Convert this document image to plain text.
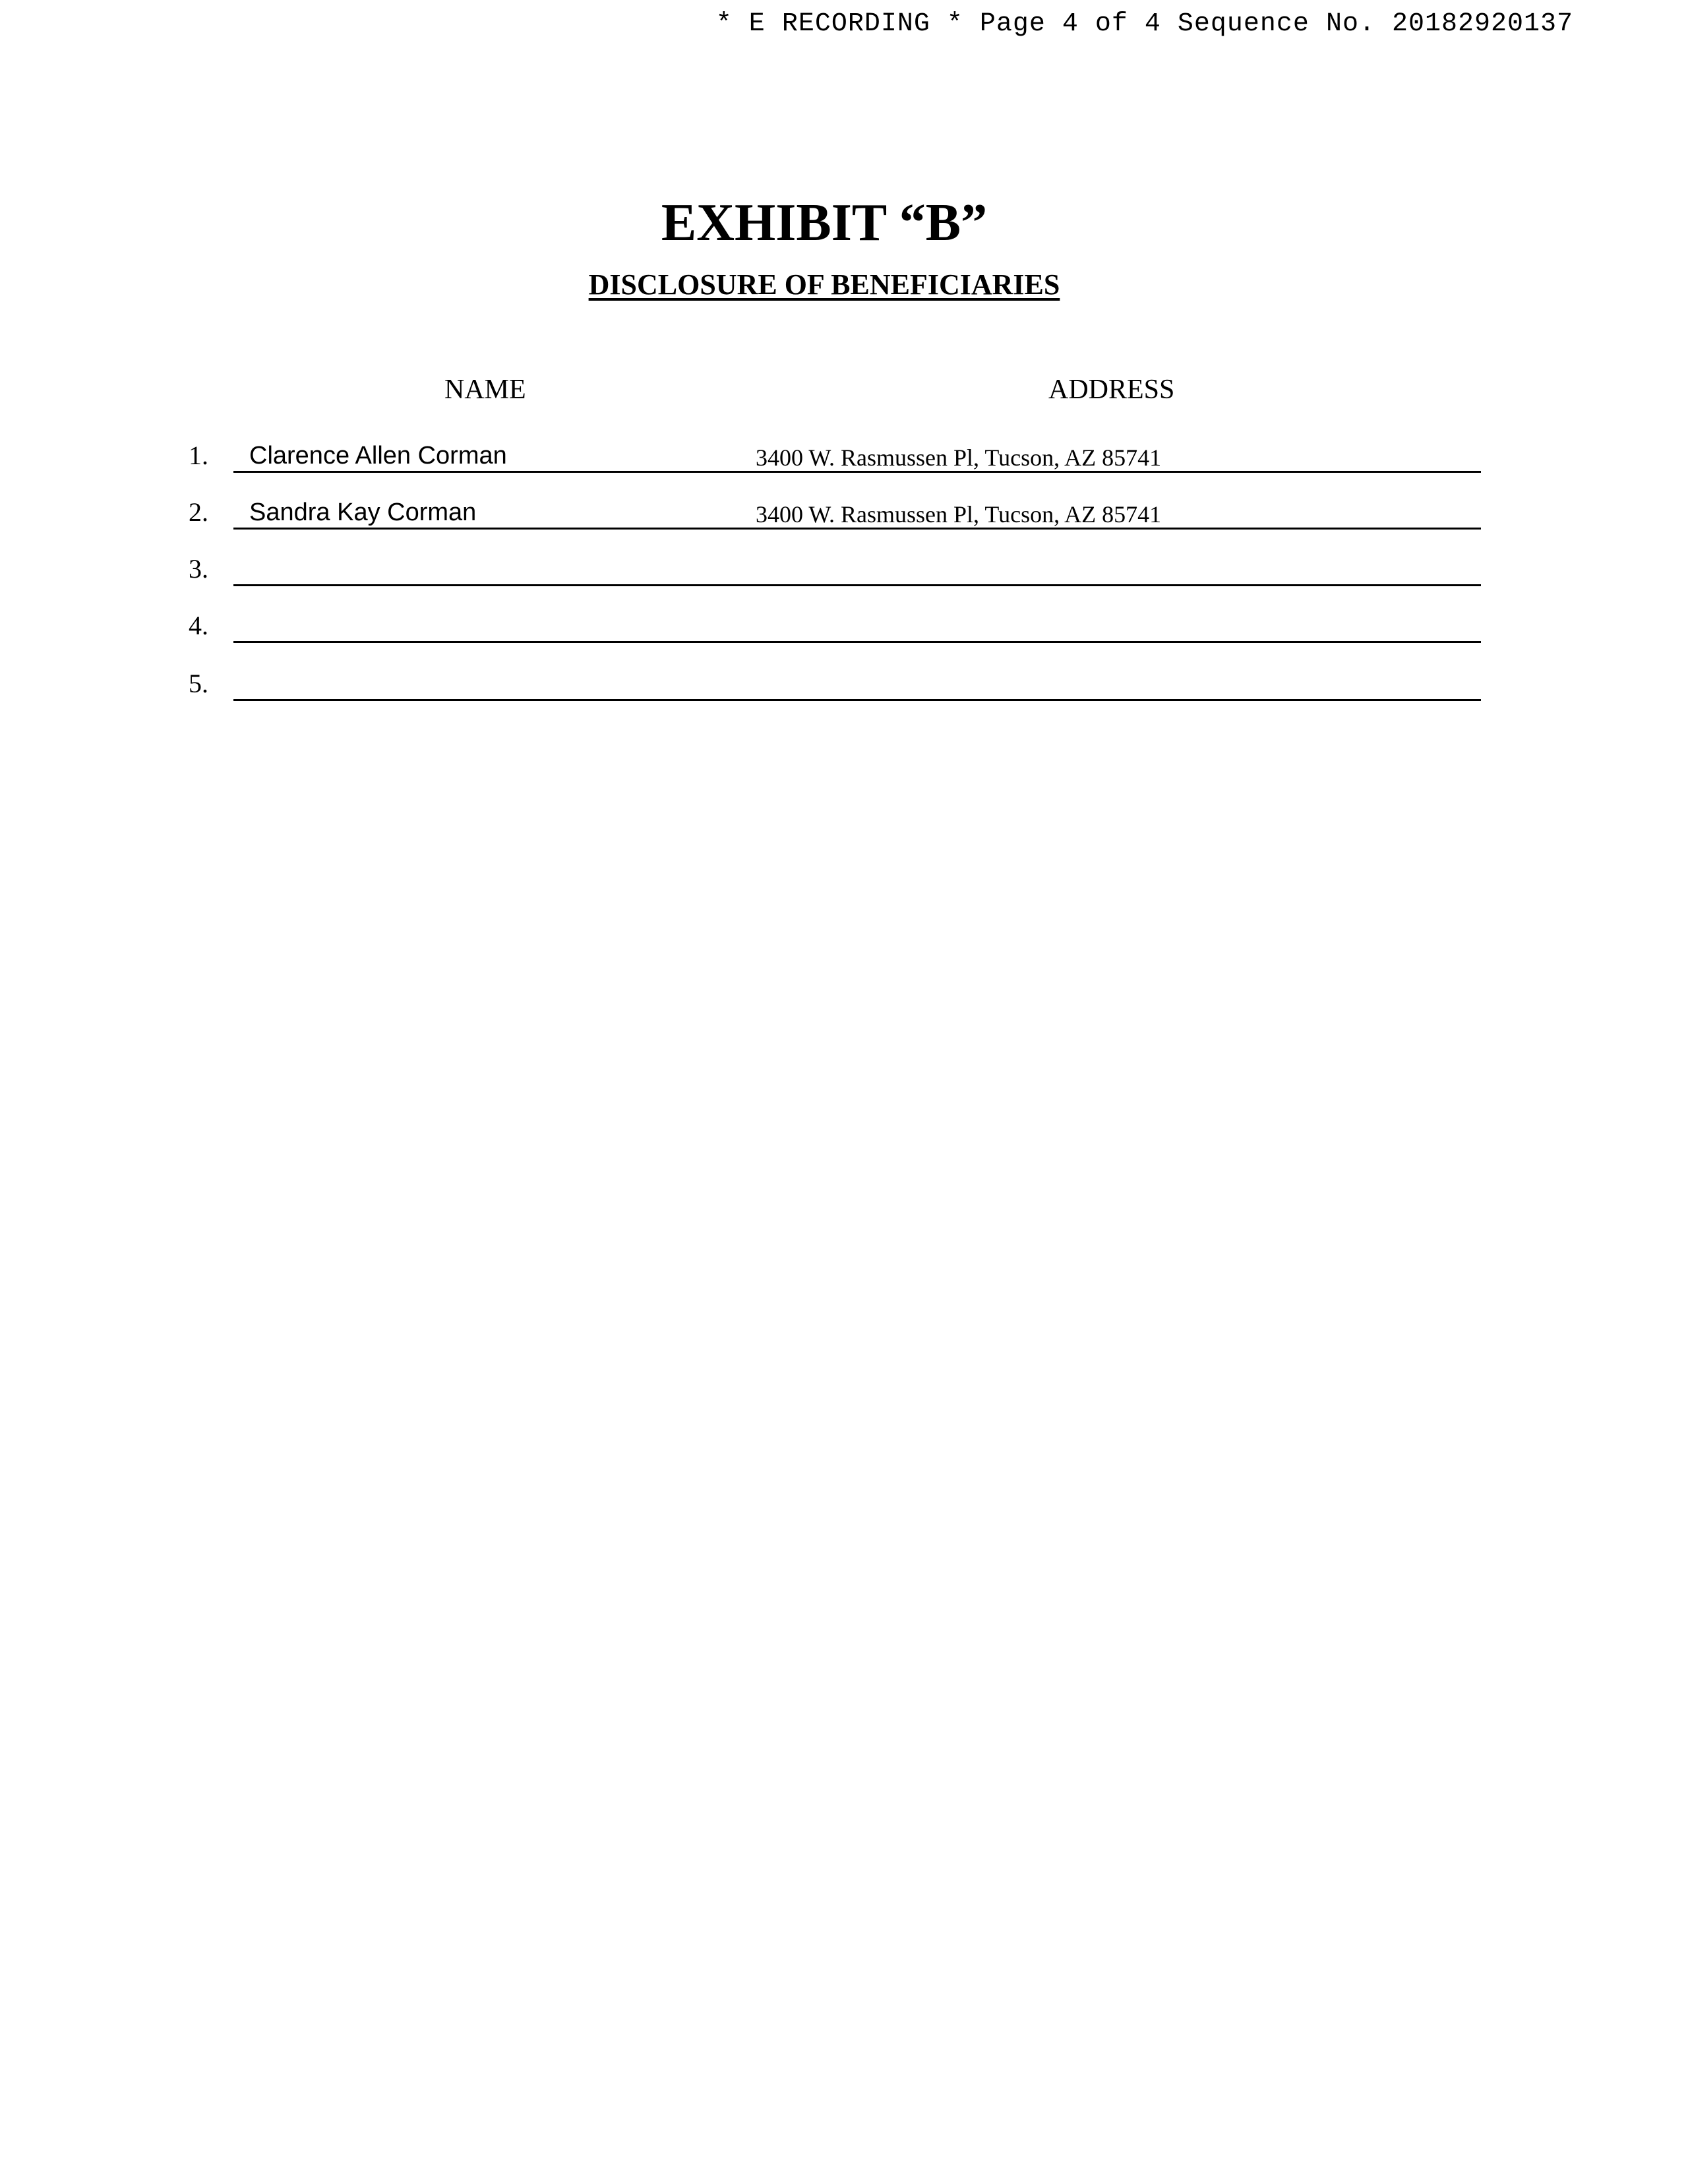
* E RECORDING * Page 4 of 4 Sequence No. 20182920137
EXHIBIT “B”
DISCLOSURE OF BENEFICIARIES
NAME	ADDRESS
1. Clarence Allen Corman	3400 W. Rasmussen Pl, Tucson, AZ 85741
2. Sandra Kay Corman	3400 W. Rasmussen Pl, Tucson, AZ 85741
3.
4.
5.
